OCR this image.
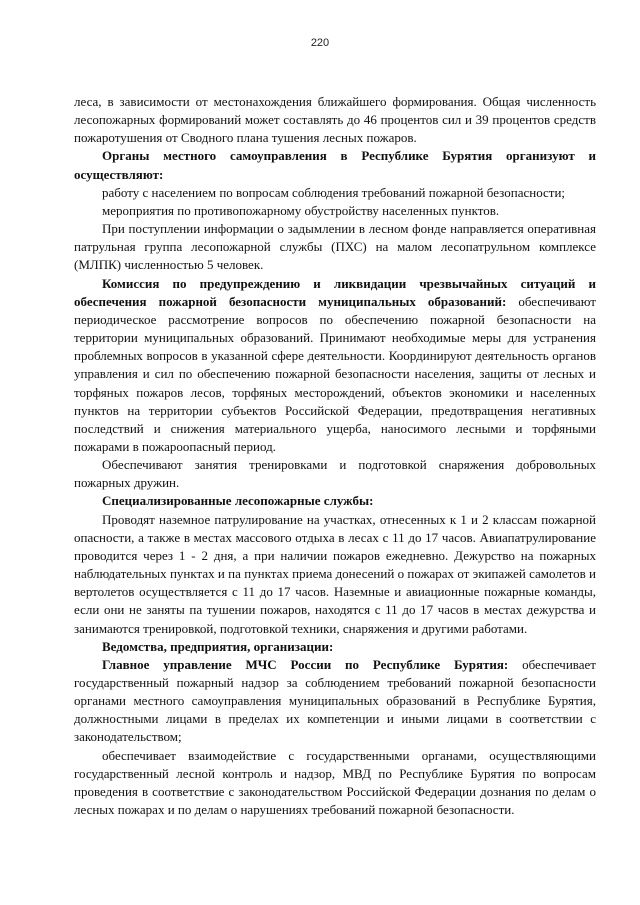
220

леса, в зависимости от местонахождения ближайшего формирования. Общая численность лесопожарных формирований может составлять до 46 процентов сил и 39 процентов средств пожаротушения от Сводного плана тушения лесных пожаров.

Органы местного самоуправления в Республике Бурятия организуют и осуществляют:

работу с населением по вопросам соблюдения требований пожарной безопасности;

мероприятия по противопожарному обустройству населенных пунктов.

При поступлении информации о задымлении в лесном фонде направляется оперативная патрульная группа лесопожарной службы (ПХС) на малом лесопатрульном комплексе (МЛПК) численностью 5 человек.

Комиссия по предупреждению и ликвидации чрезвычайных ситуаций и обеспечения пожарной безопасности муниципальных образований: обеспечивают периодическое рассмотрение вопросов по обеспечению пожарной безопасности на территории муниципальных образований. Принимают необходимые меры для устранения проблемных вопросов в указанной сфере деятельности. Координируют деятельность органов управления и сил по обеспечению пожарной безопасности населения, защиты от лесных и торфяных пожаров лесов, торфяных месторождений, объектов экономики и населенных пунктов на территории субъектов Российской Федерации, предотвращения негативных последствий и снижения материального ущерба, наносимого лесными и торфяными пожарами в пожароопасный период.

Обеспечивают занятия тренировками и подготовкой снаряжения добровольных пожарных дружин.

Специализированные лесопожарные службы:

Проводят наземное патрулирование на участках, отнесенных к 1 и 2 классам пожарной опасности, а также в местах массового отдыха в лесах с 11 до 17 часов. Авиапатрулирование проводится через 1 - 2 дня, а при наличии пожаров ежедневно. Дежурство на пожарных наблюдательных пунктах и па пунктах приема донесений о пожарах от экипажей самолетов и вертолетов осуществляется с 11 до 17 часов. Наземные и авиационные пожарные команды, если они не заняты па тушении пожаров, находятся с 11 до 17 часов в местах дежурства и занимаются тренировкой, подготовкой техники, снаряжения и другими работами.

Ведомства, предприятия, организации:

Главное управление МЧС России по Республике Бурятия: обеспечивает государственный пожарный надзор за соблюдением требований пожарной безопасности органами местного самоуправления муниципальных образований в Республике Бурятия, должностными лицами в пределах их компетенции и иными лицами в соответствии с законодательством;

обеспечивает взаимодействие с государственными органами, осуществляющими государственный лесной контроль и надзор, МВД по Республике Бурятия по вопросам проведения в соответствие с законодательством Российской Федерации дознания по делам о лесных пожарах и по делам о нарушениях требований пожарной безопасности.
